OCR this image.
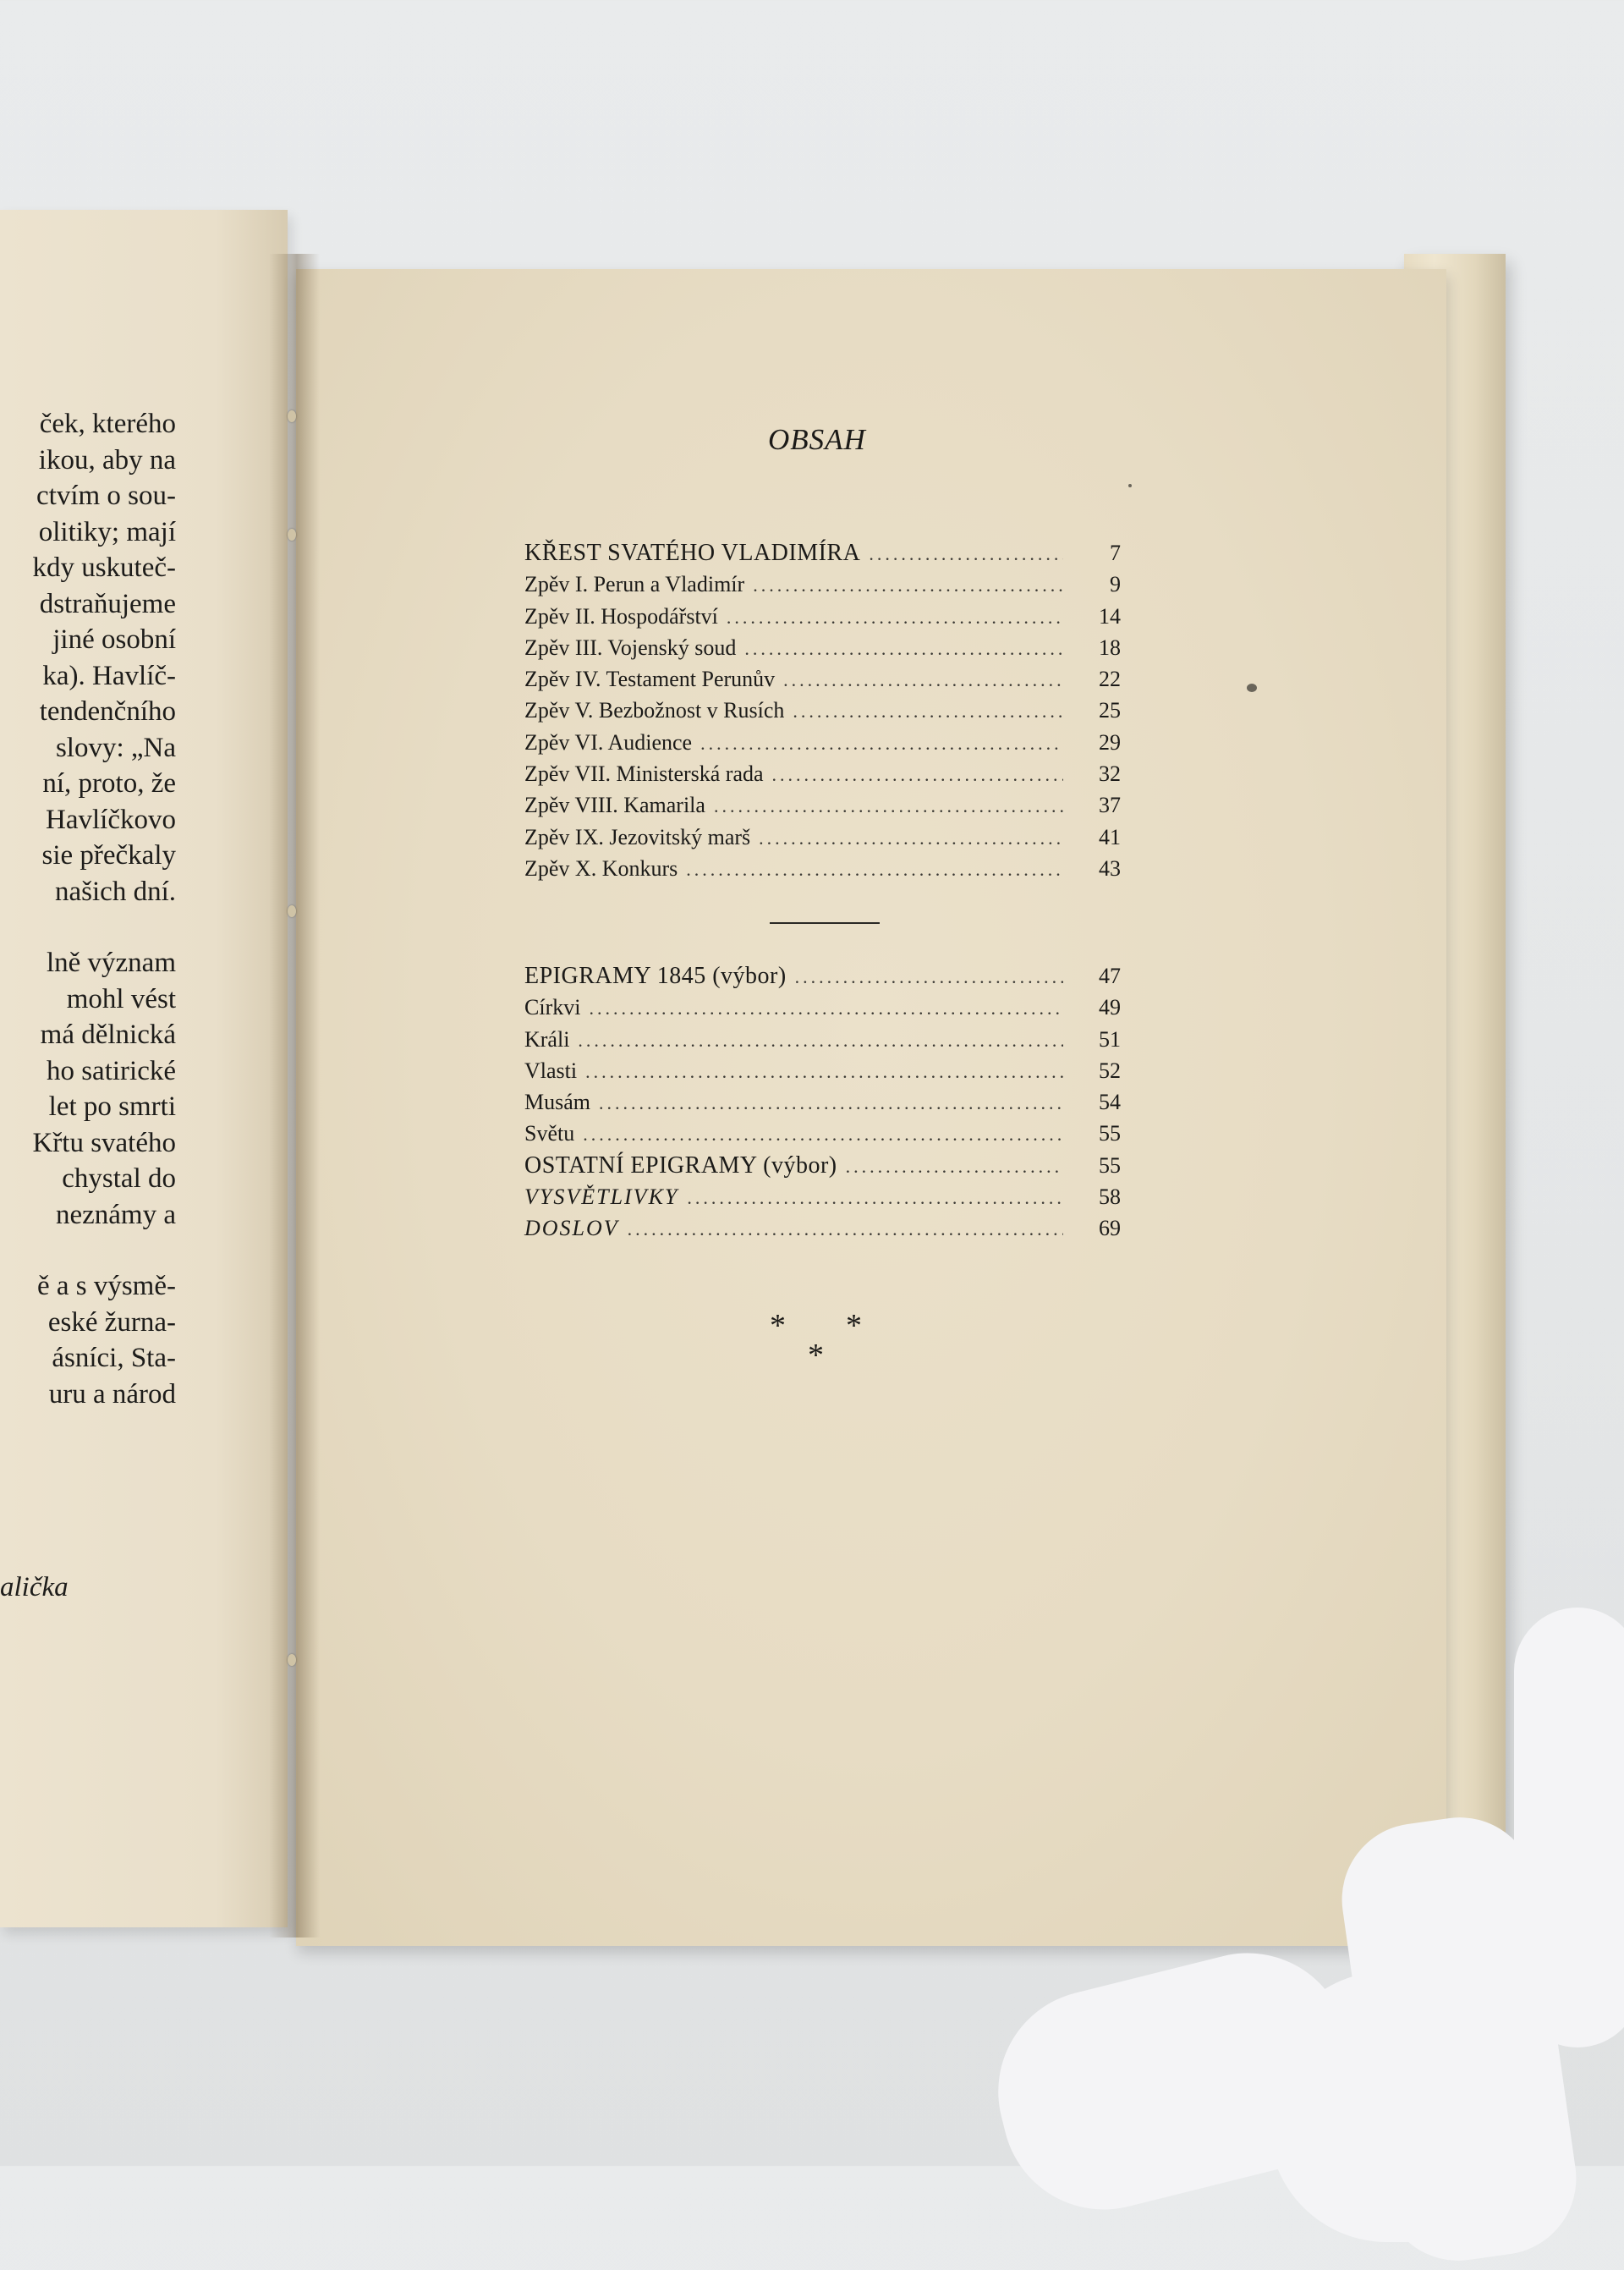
ček, kterého
ikou, aby na
ctvím o sou-
olitiky; mají
kdy uskuteč-
dstraňujeme
jiné osobní
ka). Havlíč-
tendenčního
slovy: „Na
ní, proto, že
Havlíčkovo
sie přečkaly
našich dní.
lně význam
mohl vést
má dělnická
ho satirické
let po smrti
Křtu svatého
chystal do
neznámy a
ě a s výsmě-
eské žurna-
ásníci, Sta-
uru a národ
alička
OBSAH
KŘEST SVATÉHO VLADIMÍRA .....	7
Zpěv I. Perun a Vladimír .....	9
Zpěv II. Hospodářství .....	14
Zpěv III. Vojenský soud .....	18
Zpěv IV. Testament Perunův .....	22
Zpěv V. Bezbožnost v Rusích .....	25
Zpěv VI. Audience .....	29
Zpěv VII. Ministerská rada .....	32
Zpěv VIII. Kamarila .....	37
Zpěv IX. Jezovitský marš .....	41
Zpěv X. Konkurs .....	43
EPIGRAMY 1845 (výbor) .....	47
Církvi .....	49
Králi .....	51
Vlasti .....	52
Musám .....	54
Světu .....	55
OSTATNÍ EPIGRAMY (výbor) .....	55
VYSVĚTLIVKY .....	58
DOSLOV .....	69
* *
*
